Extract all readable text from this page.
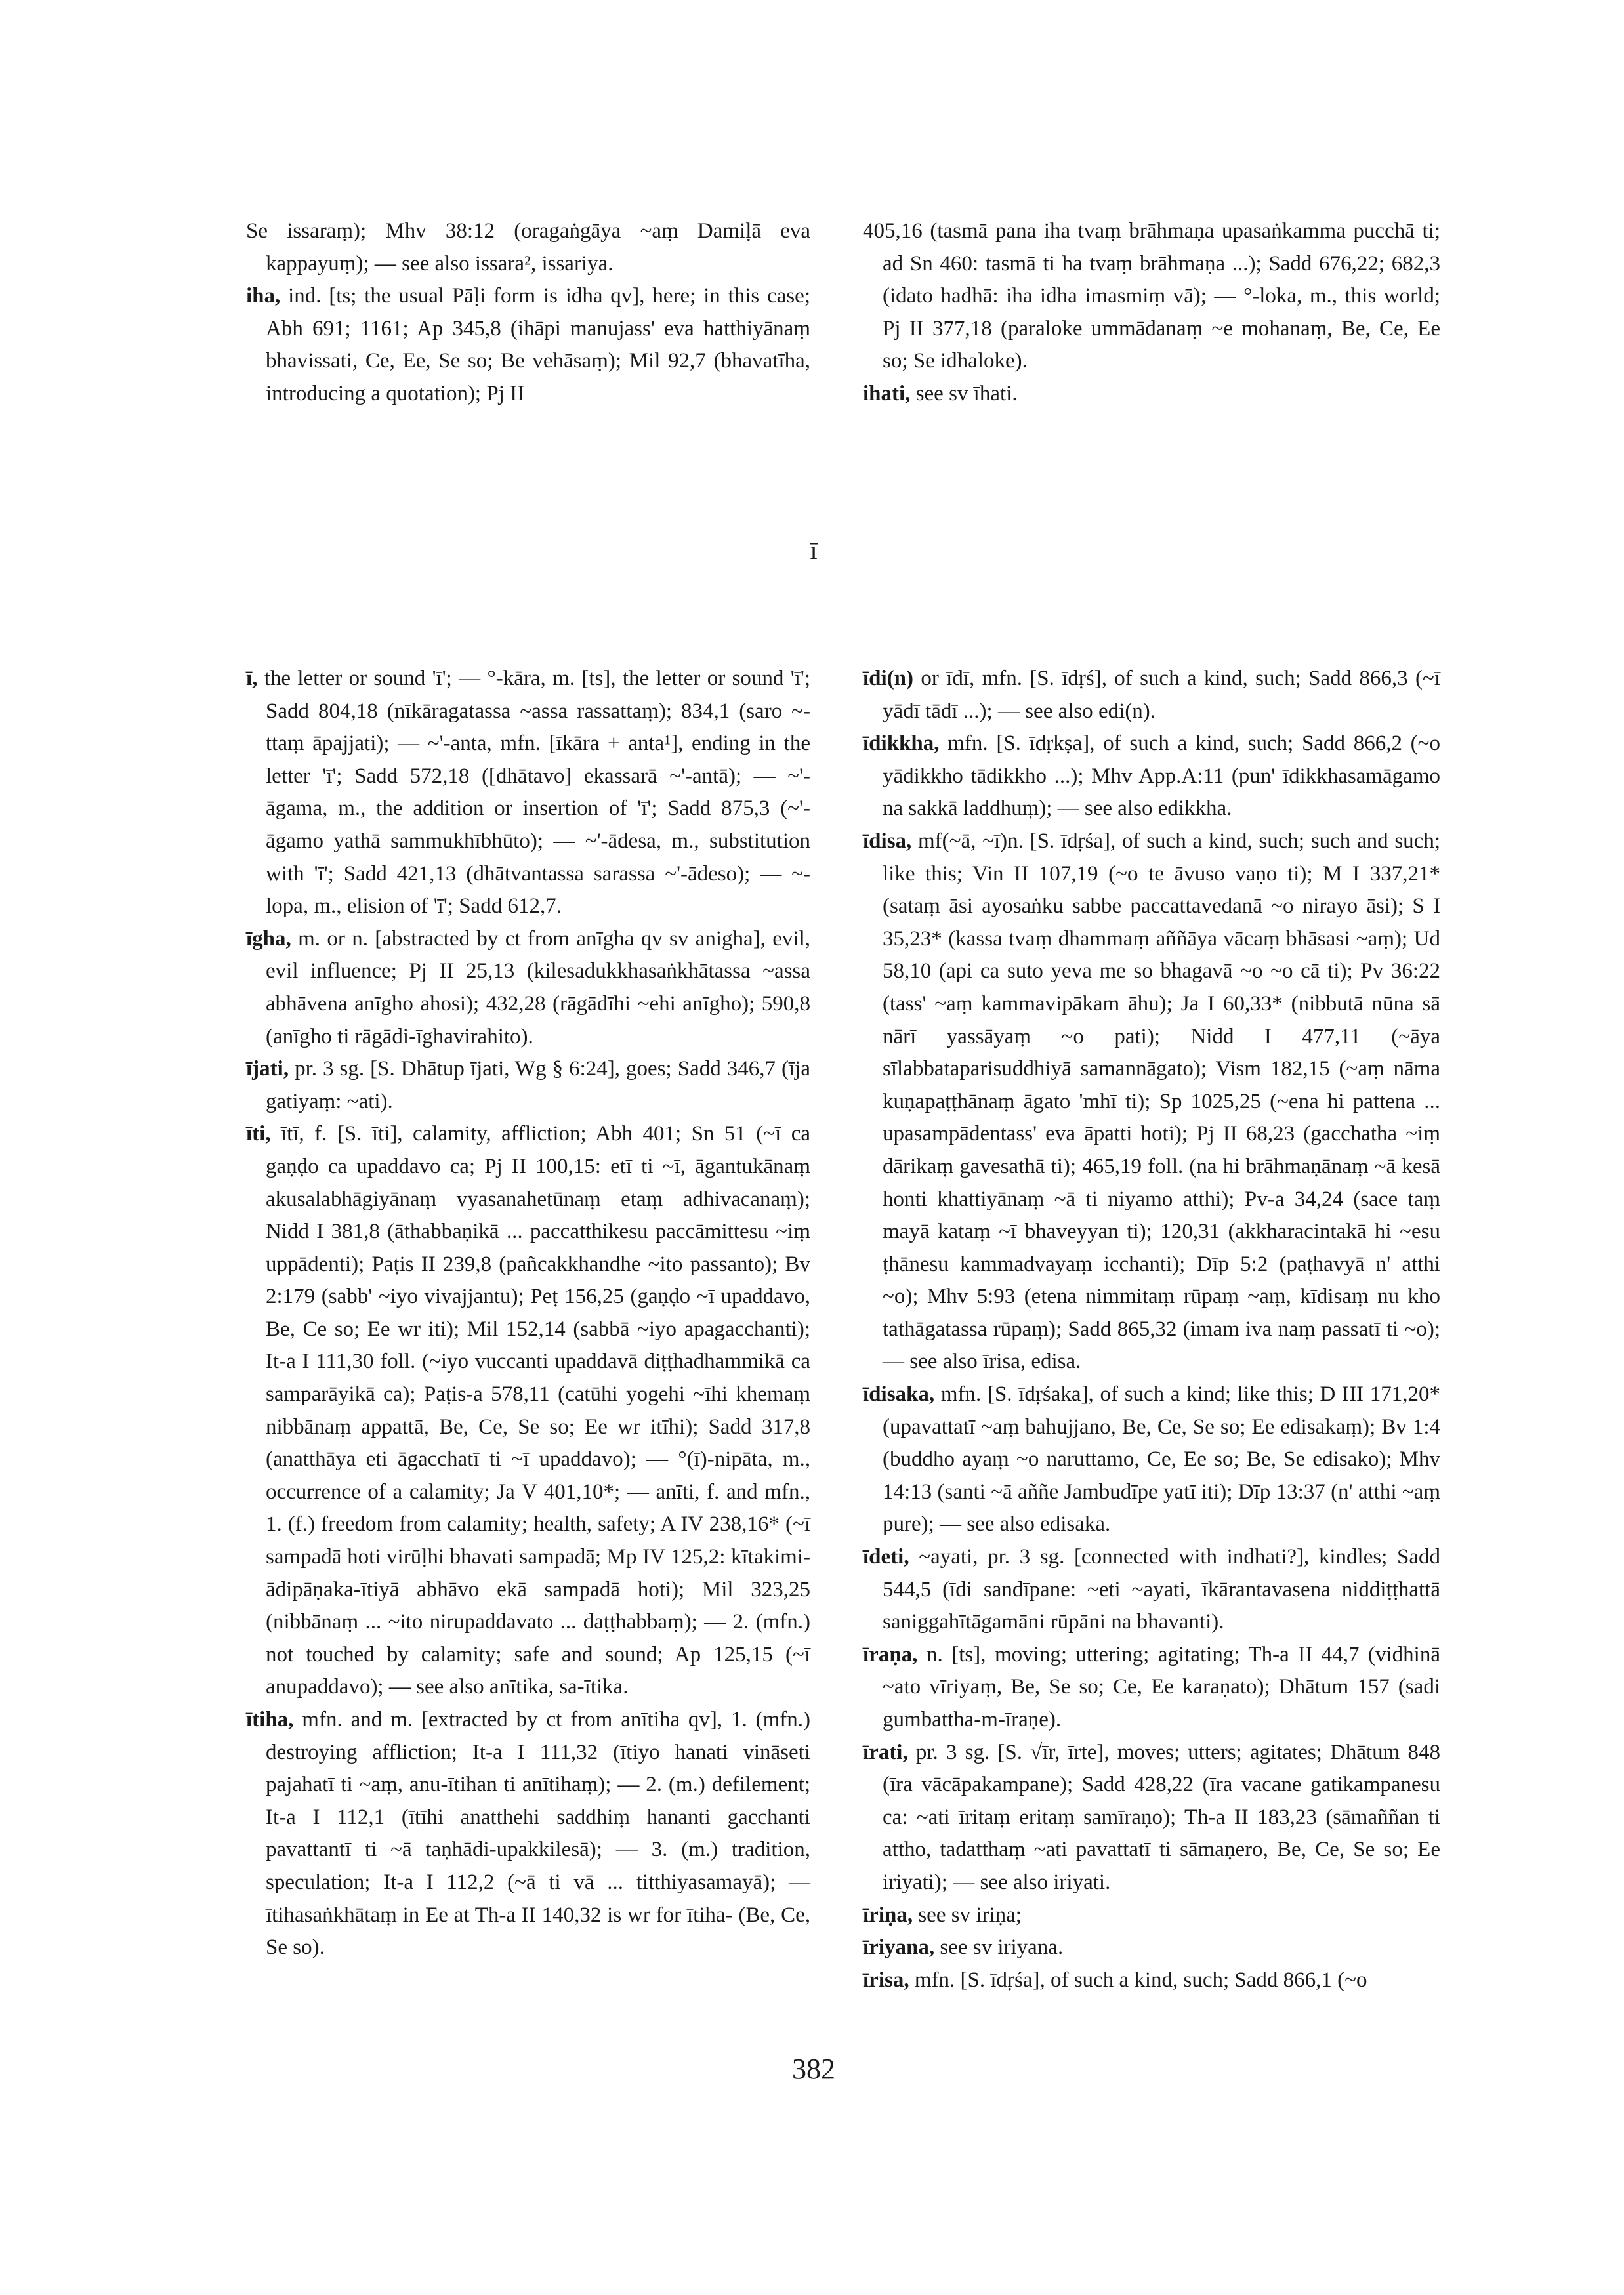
Se issaraṃ); Mhv 38:12 (oragaṅgāya ~aṃ Damiḷā eva kappayuṃ); — see also issara², issariya.

iha, ind. [ts; the usual Pāḷi form is idha qv], here; in this case; Abh 691; 1161; Ap 345,8 (ihāpi manujass' eva hatthiyānaṃ bhavissati, Ce, Ee, Se so; Be vehāsaṃ); Mil 92,7 (bhavatīha, introducing a quotation); Pj II

405,16 (tasmā pana iha tvaṃ brāhmaṇa upasaṅkamma pucchā ti; ad Sn 460: tasmā ti ha tvaṃ brāhmaṇa ...); Sadd 676,22; 682,3 (idato hadhā: iha idha imasmiṃ vā); — °-loka, m., this world; Pj II 377,18 (paraloke ummādanaṃ ~e mohanaṃ, Be, Ce, Ee so; Se idhaloke).

ihati, see sv īhati.

ī

ī, the letter or sound 'ī'; — °-kāra, m. [ts], the letter or sound 'ī'; Sadd 804,18 (nīkāragatassa ~assa rassattaṃ); 834,1 (saro ~-ttaṃ āpajjati); — ~'-anta, mfn. [īkāra + anta¹], ending in the letter 'ī'; Sadd 572,18 ([dhātavo] ekassarā ~'-antā); — ~'-āgama, m., the addition or insertion of 'ī'; Sadd 875,3 (~'-āgamo yathā sammukhībhūto); — ~'-ādesa, m., substitution with 'ī'; Sadd 421,13 (dhātvantassa sarassa ~'-ādeso); — ~-lopa, m., elision of 'ī'; Sadd 612,7.

īgha, m. or n. [abstracted by ct from anīgha qv sv anigha], evil, evil influence; Pj II 25,13 (kilesadukkhasaṅkhātassa ~assa abhāvena anīgho ahosi); 432,28 (rāgādīhi ~ehi anīgho); 590,8 (anīgho ti rāgādi-īghavirahito).

ījati, pr. 3 sg. [S. Dhātup ījati, Wg § 6:24], goes; Sadd 346,7 (īja gatiyaṃ: ~ati).

īti, ītī, f. [S. īti], calamity, affliction; Abh 401; Sn 51 (~ī ca gaṇḍo ca upaddavo ca; Pj II 100,15: etī ti ~ī, āgantukānaṃ akusalabhāgiyānaṃ vyasanahetūnaṃ etaṃ adhivacanaṃ); Nidd I 381,8 (āthabbaṇikā ... paccatthikesu paccāmittesu ~iṃ uppādenti); Paṭis II 239,8 (pañcakkhandhe ~ito passanto); Bv 2:179 (sabb' ~iyo vivajjantu); Peṭ 156,25 (gaṇḍo ~ī upaddavo, Be, Ce so; Ee wr iti); Mil 152,14 (sabbā ~iyo apagacchanti); It-a I 111,30 foll. (~iyo vuccanti upaddavā diṭṭhadhammikā ca samparāyikā ca); Paṭis-a 578,11 (catūhi yogehi ~īhi khemaṃ nibbānaṃ appattā, Be, Ce, Se so; Ee wr itīhi); Sadd 317,8 (anatthāya eti āgacchatī ti ~ī upaddavo); — °(ī)-nipāta, m., occurrence of a calamity; Ja V 401,10*; — anīti, f. and mfn., 1. (f.) freedom from calamity; health, safety; A IV 238,16* (~ī sampadā hoti virūḷhi bhavati sampadā; Mp IV 125,2: kītakimi-ādipāṇaka-ītiyā abhāvo ekā sampadā hoti); Mil 323,25 (nibbānaṃ ... ~ito nirupaddavato ... daṭṭhabbaṃ); — 2. (mfn.) not touched by calamity; safe and sound; Ap 125,15 (~ī anupaddavo); — see also anītika, sa-ītika.

ītiha, mfn. and m. [extracted by ct from anītiha qv], 1. (mfn.) destroying affliction; It-a I 111,32 (ītiyo hanati vināseti pajahatī ti ~aṃ, anu-ītihan ti anītihaṃ); — 2. (m.) defilement; It-a I 112,1 (ītīhi anatthehi saddhiṃ hananti gacchanti pavattantī ti ~ā taṇhādi-upakkilesā); — 3. (m.) tradition, speculation; It-a I 112,2 (~ā ti vā ... titthiyasamayā); — ītihasaṅkhātaṃ in Ee at Th-a II 140,32 is wr for ītiha- (Be, Ce, Se so).

īdi(n) or īdī, mfn. [S. īdṛś], of such a kind, such; Sadd 866,3 (~ī yādī tādī ...); — see also edi(n).

īdikkha, mfn. [S. īdṛkṣa], of such a kind, such; Sadd 866,2 (~o yādikkho tādikkho ...); Mhv App.A:11 (pun' īdikkhasamāgamo na sakkā laddhuṃ); — see also edikkha.

īdisa, mf(~ā, ~ī)n. [S. īdṛśa], of such a kind, such; such and such; like this; Vin II 107,19 (~o te āvuso vaṇo ti); M I 337,21* (sataṃ āsi ayosaṅku sabbe paccattavedanā ~o nirayo āsi); S I 35,23* (kassa tvaṃ dhammaṃ aññāya vācaṃ bhāsasi ~aṃ); Ud 58,10 (api ca suto yeva me so bhagavā ~o ~o cā ti); Pv 36:22 (tass' ~aṃ kammavipākam āhu); Ja I 60,33* (nibbutā nūna sā nārī yassāyaṃ ~o pati); Nidd I 477,11 (~āya sīlabbataparisuddhiyā samannāgato); Vism 182,15 (~aṃ nāma kuṇapaṭṭhānaṃ āgato 'mhī ti); Sp 1025,25 (~ena hi pattena ... upasampādentass' eva āpatti hoti); Pj II 68,23 (gacchatha ~iṃ dārikaṃ gavesathā ti); 465,19 foll. (na hi brāhmaṇānaṃ ~ā kesā honti khattiyānaṃ ~ā ti niyamo atthi); Pv-a 34,24 (sace taṃ mayā kataṃ ~ī bhaveyyan ti); 120,31 (akkharacintakā hi ~esu ṭhānesu kammadvayaṃ icchanti); Dīp 5:2 (paṭhavyā n' atthi ~o); Mhv 5:93 (etena nimmitaṃ rūpaṃ ~aṃ, kīdisaṃ nu kho tathāgatassa rūpaṃ); Sadd 865,32 (imam iva naṃ passatī ti ~o); — see also īrisa, edisa.

īdisaka, mfn. [S. īdṛśaka], of such a kind; like this; D III 171,20* (upavattatī ~aṃ bahujjano, Be, Ce, Se so; Ee edisakaṃ); Bv 1:4 (buddho ayaṃ ~o naruttamo, Ce, Ee so; Be, Se edisako); Mhv 14:13 (santi ~ā aññe Jambudīpe yatī iti); Dīp 13:37 (n' atthi ~aṃ pure); — see also edisaka.

īdeti, ~ayati, pr. 3 sg. [connected with indhati?], kindles; Sadd 544,5 (īdi sandīpane: ~eti ~ayati, īkārantavasena niddiṭṭhattā saniggahītāgamāni rūpāni na bhavanti).

īraṇa, n. [ts], moving; uttering; agitating; Th-a II 44,7 (vidhinā ~ato vīriyaṃ, Be, Se so; Ce, Ee karaṇato); Dhātum 157 (sadi gumbattha-m-īraṇe).

īrati, pr. 3 sg. [S. √īr, īrte], moves; utters; agitates; Dhātum 848 (īra vācāpakampane); Sadd 428,22 (īra vacane gatikampanesu ca: ~ati īritaṃ eritaṃ samīraṇo); Th-a II 183,23 (sāmaññan ti attho, tadatthaṃ ~ati pavattatī ti sāmaṇero, Be, Ce, Se so; Ee iriyati); — see also iriyati.

īriṇa, see sv iriṇa;

īriyana, see sv iriyana.

īrisa, mfn. [S. īdṛśa], of such a kind, such; Sadd 866,1 (~o

382
